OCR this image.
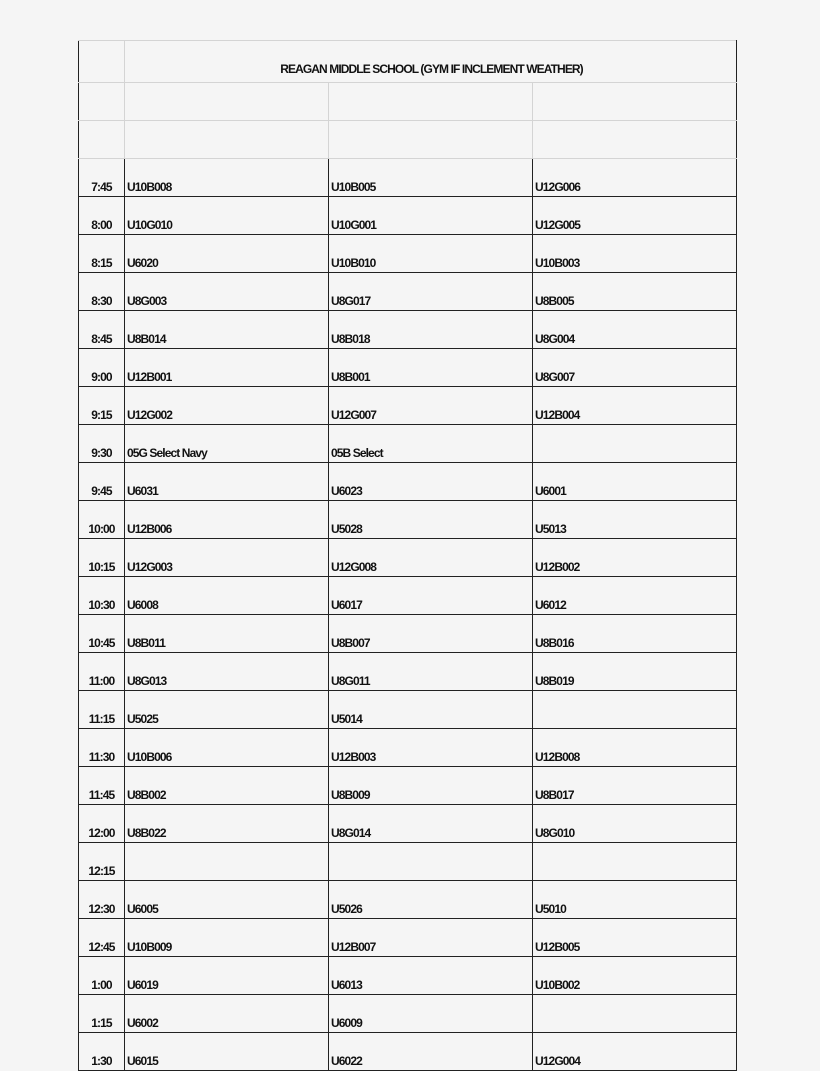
	REAGAN MIDDLE SCHOOL (GYM IF INCLEMENT WEATHER)		

7:45	U10B008	U10B005	U12G006
8:00	U10G010	U10G001	U12G005
8:15	U6020	U10B010	U10B003
8:30	U8G003	U8G017	U8B005
8:45	U8B014	U8B018	U8G004
9:00	U12B001	U8B001	U8G007
9:15	U12G002	U12G007	U12B004
9:30	05G Select Navy	05B Select	
9:45	U6031	U6023	U6001
10:00	U12B006	U5028	U5013
10:15	U12G003	U12G008	U12B002
10:30	U6008	U6017	U6012
10:45	U8B011	U8B007	U8B016
11:00	U8G013	U8G011	U8B019
11:15	U5025	U5014	
11:30	U10B006	U12B003	U12B008
11:45	U8B002	U8B009	U8B017
12:00	U8B022	U8G014	U8G010
12:15			
12:30	U6005	U5026	U5010
12:45	U10B009	U12B007	U12B005
1:00	U6019	U6013	U10B002
1:15	U6002	U6009	
1:30	U6015	U6022	U12G004
